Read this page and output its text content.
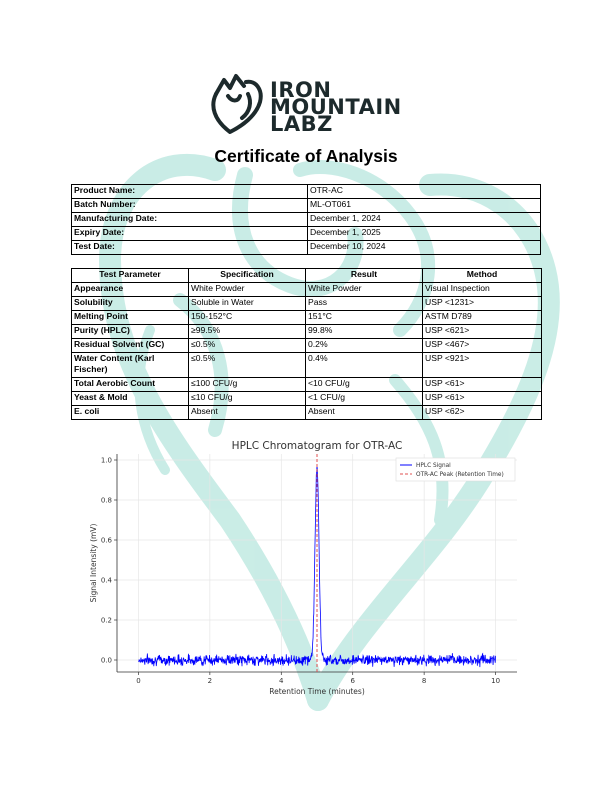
IRON
MOUNTAIN
LABZ
Certificate of Analysis
Product Name:	OTR-AC
Batch Number:	ML-OT061
Manufacturing Date:	December 1, 2024
Expiry Date:	December 1, 2025
Test Date:	December 10, 2024
Test Parameter	Specification	Result	Method
Appearance	White Powder	White Powder	Visual Inspection
Solubility	Soluble in Water	Pass	USP <1231>
Melting Point	150-152°C	151°C	ASTM D789
Purity (HPLC)	≥99.5%	99.8%	USP <621>
Residual Solvent (GC)	≤0.5%	0.2%	USP <467>
Water Content (Karl Fischer)	≤0.5%	0.4%	USP <921>
Total Aerobic Count	≤100 CFU/g	<10 CFU/g	USP <61>
Yeast & Mold	≤10 CFU/g	<1 CFU/g	USP <61>
E. coli	Absent	Absent	USP <62>
HPLC Chromatogram for OTR-AC
0	2	4	6	8	10
0.0
0.2
0.4
0.6
0.8
1.0
Retention Time (minutes)
Signal Intensity (mV)
HPLC Signal
OTR-AC Peak (Retention Time)
